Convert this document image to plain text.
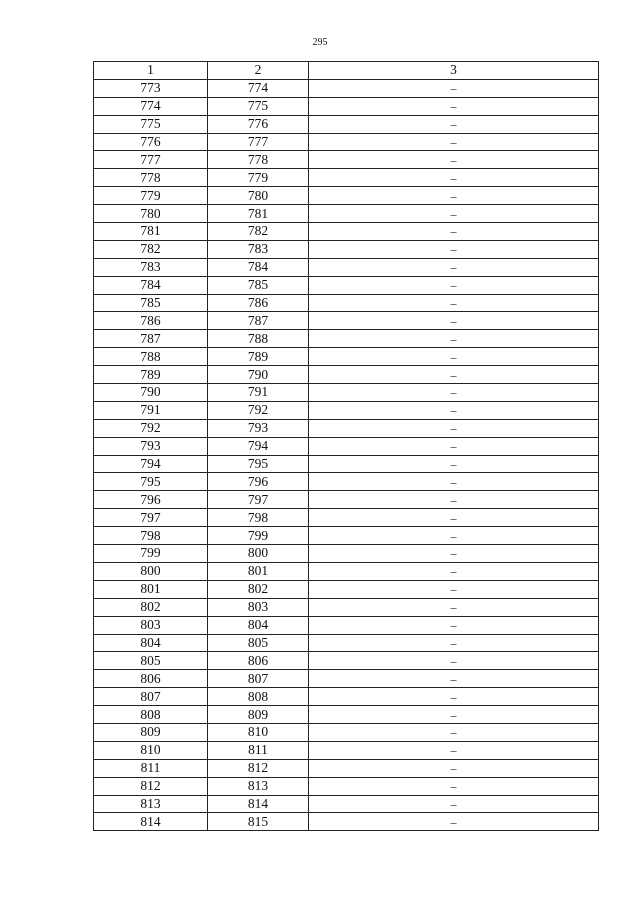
295
1	2	3
773	774	–
774	775	–
775	776	–
776	777	–
777	778	–
778	779	–
779	780	–
780	781	–
781	782	–
782	783	–
783	784	–
784	785	–
785	786	–
786	787	–
787	788	–
788	789	–
789	790	–
790	791	–
791	792	–
792	793	–
793	794	–
794	795	–
795	796	–
796	797	–
797	798	–
798	799	–
799	800	–
800	801	–
801	802	–
802	803	–
803	804	–
804	805	–
805	806	–
806	807	–
807	808	–
808	809	–
809	810	–
810	811	–
811	812	–
812	813	–
813	814	–
814	815	–
